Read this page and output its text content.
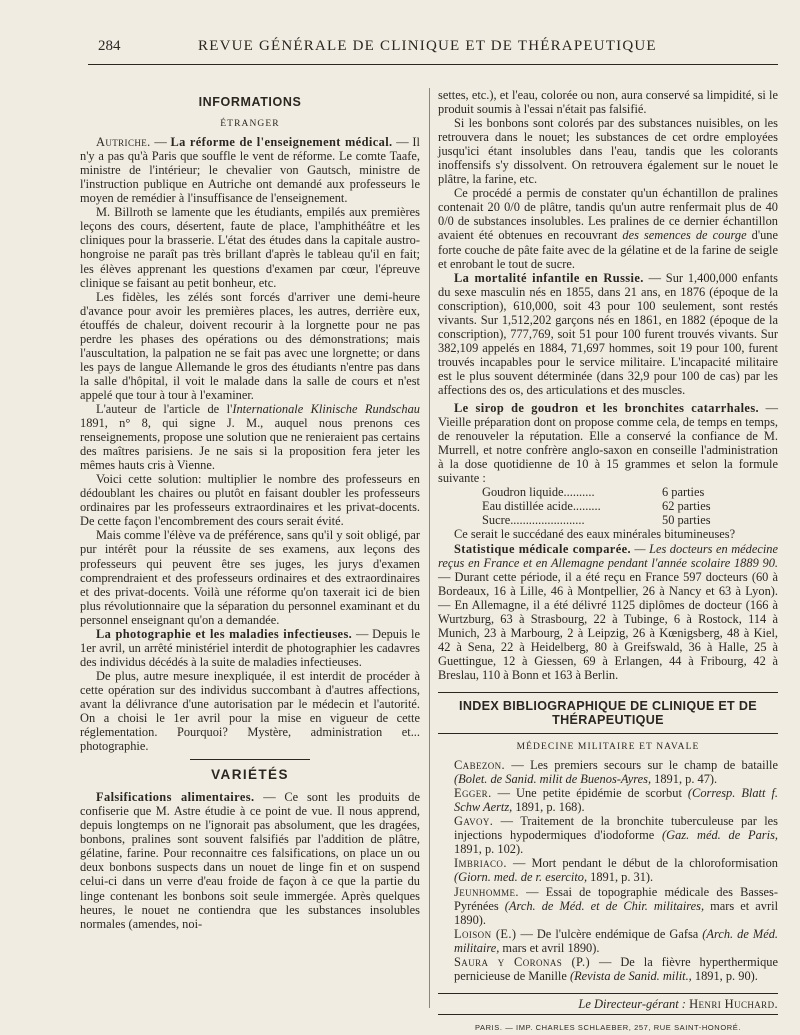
284	REVUE GÉNÉRALE DE CLINIQUE ET DE THÉRAPEUTIQUE
INFORMATIONS
ÉTRANGER

Autriche. — La réforme de l'enseignement médical. — Il n'y a pas qu'à Paris que souffle le vent de réforme. Le comte Taafe, ministre de l'intérieur; le chevalier von Gautsch, ministre de l'instruction publique en Autriche ont demandé aux professeurs le moyen de remédier à l'insuffisance de l'enseignement.

M. Billroth se lamente que les étudiants, empilés aux premières leçons des cours, désertent, faute de place, l'amphithéâtre et les cliniques pour la brasserie. L'état des études dans la capitale austro-hongroise ne paraît pas très brillant d'après le tableau qu'il en fait; les élèves apprenant les questions d'examen par cœur, l'épreuve clinique se faisant au petit bonheur, etc.

Les fidèles, les zélés sont forcés d'arriver une demi-heure d'avance pour avoir les premières places, les autres, derrière eux, étouffés de chaleur, doivent recourir à la lorgnette pour ne pas perdre les phases des opérations ou des démonstrations; mais l'auscultation, la palpation ne se fait pas avec une lorgnette; or dans les pays de langue Allemande le gros des étudiants n'entre pas dans la salle d'hôpital, il voit le malade dans la salle de cours et n'est appelé que tour à tour à l'examiner.

L'auteur de l'article de l'Internationale Klinische Rundschau 1891, n° 8, qui signe J. M., auquel nous prenons ces renseignements, propose une solution que ne renieraient pas certains des maîtres parisiens. Je ne sais si la proposition fera jeter les mêmes hauts cris à Vienne.

Voici cette solution: multiplier le nombre des professeurs en dédoublant les chaires ou plutôt en faisant doubler les professeurs ordinaires par les professeurs extraordinaires et les privat-docents. De cette façon l'encombrement des cours serait évité.

Mais comme l'élève va de préférence, sans qu'il y soit obligé, par pur intérêt pour la réussite de ses examens, aux leçons des professeurs qui peuvent être ses juges, les jurys d'examen comprendraient et des professeurs ordinaires et des extraordinaires et des privat-docents. Voilà une réforme qu'on taxerait ici de bien plus révolutionnaire que la séparation du personnel examinant et du personnel enseignant qu'on a demandée.

La photographie et les maladies infectieuses. — Depuis le 1er avril, un arrêté ministériel interdit de photographier les cadavres des individus décédés à la suite de maladies infectieuses.

De plus, autre mesure inexpliquée, il est interdit de procéder à cette opération sur des individus succombant à d'autres affections, avant la délivrance d'une autorisation par le médecin et l'autorité. On a choisi le 1er avril pour la mise en vigueur de cette réglementation. Pourquoi? Mystère, administration et... photographie.

VARIÉTÉS

Falsifications alimentaires. — Ce sont les produits de confiserie que M. Astre étudie à ce point de vue. Il nous apprend, depuis longtemps on ne l'ignorait pas absolument, que les dragées, bonbons, pralines sont souvent falsifiés par l'addition de plâtre, gélatine, farine. Pour reconnaitre ces falsifications, on place un ou deux bonbons suspects dans un nouet de linge fin et on suspend celui-ci dans un verre d'eau froide de façon à ce que la partie du linge contenant les bonbons soit seule immergée. Après quelques heures, le nouet ne contiendra que les substances insolubles normales (amendes, noi-

settes, etc.), et l'eau, colorée ou non, aura conservé sa limpidité, si le produit soumis à l'essai n'était pas falsifié.

Si les bonbons sont colorés par des substances nuisibles, on les retrouvera dans le nouet; les substances de cet ordre employées jusqu'ici étant insolubles dans l'eau, tandis que les colorants inoffensifs s'y dissolvent. On retrouvera également sur le nouet le plâtre, la farine, etc.

Ce procédé a permis de constater qu'un échantillon de pralines contenait 20 0/0 de plâtre, tandis qu'un autre renfermait plus de 40 0/0 de substances insolubles. Les pralines de ce dernier échantillon avaient été obtenues en recouvrant des semences de courge d'une forte couche de pâte faite avec de la gélatine et de la farine de seigle et enrobant le tout de sucre.

La mortalité infantile en Russie. — Sur 1,400,000 enfants du sexe masculin nés en 1855, dans 21 ans, en 1876 (époque de la conscription), 610,000, soit 43 pour 100 seulement, sont restés vivants. Sur 1,512,202 garçons nés en 1861, en 1882 (époque de la conscription), 777,769, soit 51 pour 100 furent trouvés vivants. Sur 382,109 appelés en 1884, 71,697 hommes, soit 19 pour 100, furent trouvés incapables pour le service militaire. L'incapacité militaire est le plus souvent déterminée (dans 32,9 pour 100 de cas) par les affections des os, des articulations et des muscles.

Le sirop de goudron et les bronchites catarrhales. — Vieille préparation dont on propose comme cela, de temps en temps, de renouveler la réputation. Elle a conservé la confiance de M. Murrell, et notre confrère anglo-saxon en conseille l'administration à la dose quotidienne de 10 à 15 grammes et selon la formule suivante :

Goudron liquide..........	6 parties
Eau distillée acide.........	62 parties
Sucre........................	50 parties

Ce serait le succédané des eaux minérales bitumineuses?

Statistique médicale comparée. — Les docteurs en médecine reçus en France et en Allemagne pendant l'année scolaire 1889 90. — Durant cette période, il a été reçu en France 597 docteurs (60 à Bordeaux, 16 à Lille, 46 à Montpellier, 26 à Nancy et 63 à Lyon). — En Allemagne, il a été délivré 1125 diplômes de docteur (166 à Wurtzburg, 63 à Strasbourg, 22 à Tubinge, 6 à Rostock, 114 à Munich, 23 à Marbourg, 2 à Leipzig, 26 à Kœnigsberg, 48 à Kiel, 42 à Sena, 22 à Heidelberg, 80 à Greifswald, 36 à Halle, 25 à Guettingue, 12 à Giessen, 69 à Erlangen, 44 à Fribourg, 42 à Breslau, 110 à Bonn et 163 à Berlin.

INDEX BIBLIOGRAPHIQUE DE CLINIQUE ET DE THÉRAPEUTIQUE
MÉDECINE MILITAIRE ET NAVALE

Cabezon. — Les premiers secours sur le champ de bataille (Bolet. de Sanid. milit de Buenos-Ayres, 1891, p. 47).

Egger. — Une petite épidémie de scorbut (Corresp. Blatt f. Schw Aertz, 1891, p. 168).

Gavoy. — Traitement de la bronchite tuberculeuse par les injections hypodermiques d'iodoforme (Gaz. méd. de Paris, 1891, p. 102).

Imbriaco. — Mort pendant le début de la chloroformisation (Giorn. med. de r. esercito, 1891, p. 31).

Jeunhomme. — Essai de topographie médicale des Basses-Pyrénées (Arch. de Méd. et de Chir. militaires, mars et avril 1890).

Loison (E.) — De l'ulcère endémique de Gafsa (Arch. de Méd. militaire, mars et avril 1890).

Saura y Coronas (P.) — De la fièvre hyperthermique pernicieuse de Manille (Revista de Sanid. milit., 1891, p. 90).

Le Directeur-gérant : Henri Huchard.
PARIS. — IMP. CHARLES SCHLAEBER, 257, RUE SAINT-HONORÉ.
